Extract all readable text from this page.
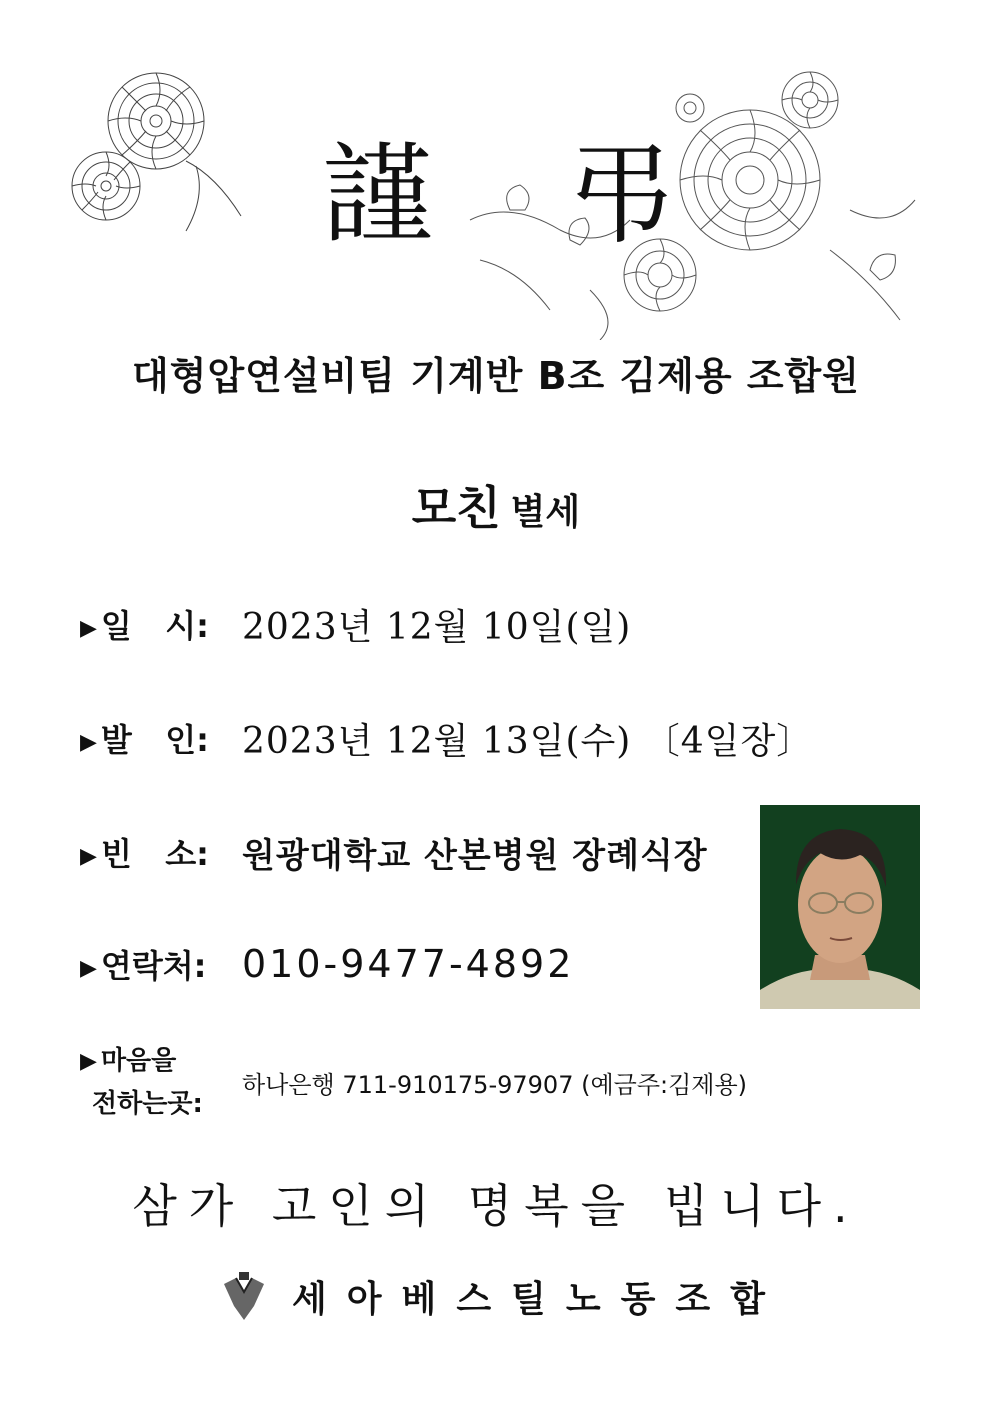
謹 弔
대형압연설비팀 기계반 B조 김제용 조합원
모친 별세
▶ 일   시: 2023년 12월 10일(일)
▶ 발   인: 2023년 12월 13일(수) 〔4일장〕
▶ 빈   소: 원광대학교 산본병원 장례식장
▶ 연락처: 010-9477-4892
▶ 마음을
전하는곳:
하나은행 711-910175-97907 (예금주:김제용)
삼가 고인의 명복을 빕니다.
세아베스틸노동조합
